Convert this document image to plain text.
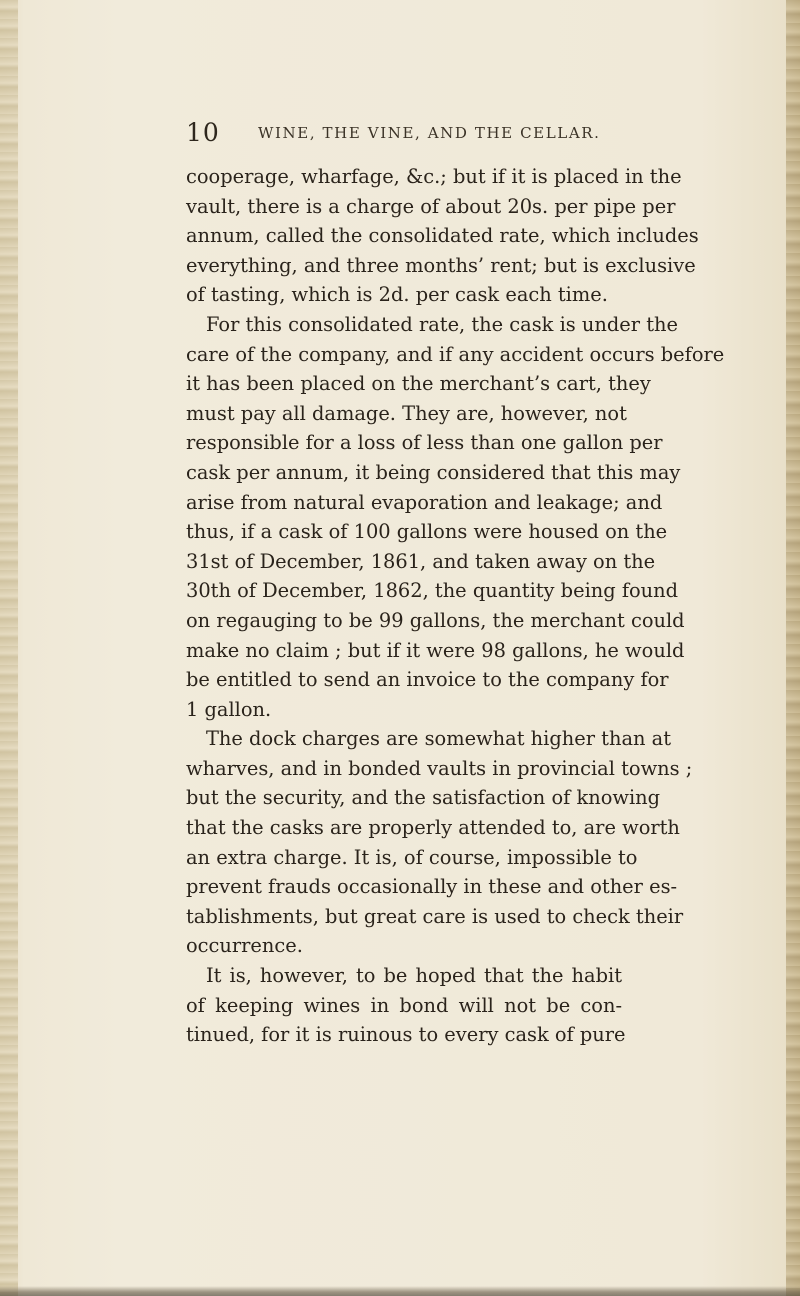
10	WINE, THE VINE, AND THE CELLAR.
cooperage, wharfage, &c.; but if it is placed in the
vault, there is a charge of about 20s. per pipe per
annum, called the consolidated rate, which includes
everything, and three months’ rent; but is exclusive
of tasting, which is 2d. per cask each time.
For this consolidated rate, the cask is under the
care of the company, and if any accident occurs before
it has been placed on the merchant’s cart, they
must pay all damage. They are, however, not
responsible for a loss of less than one gallon per
cask per annum, it being considered that this may
arise from natural evaporation and leakage; and
thus, if a cask of 100 gallons were housed on the
31st of December, 1861, and taken away on the
30th of December, 1862, the quantity being found
on regauging to be 99 gallons, the merchant could
make no claim ; but if it were 98 gallons, he would
be entitled to send an invoice to the company for
1 gallon.
The dock charges are somewhat higher than at
wharves, and in bonded vaults in provincial towns ;
but the security, and the satisfaction of knowing
that the casks are properly attended to, are worth
an extra charge. It is, of course, impossible to
prevent frauds occasionally in these and other es-
tablishments, but great care is used to check their
occurrence.
It is, however, to be hoped that the habit
of keeping wines in bond will not be con-
tinued, for it is ruinous to every cask of pure
